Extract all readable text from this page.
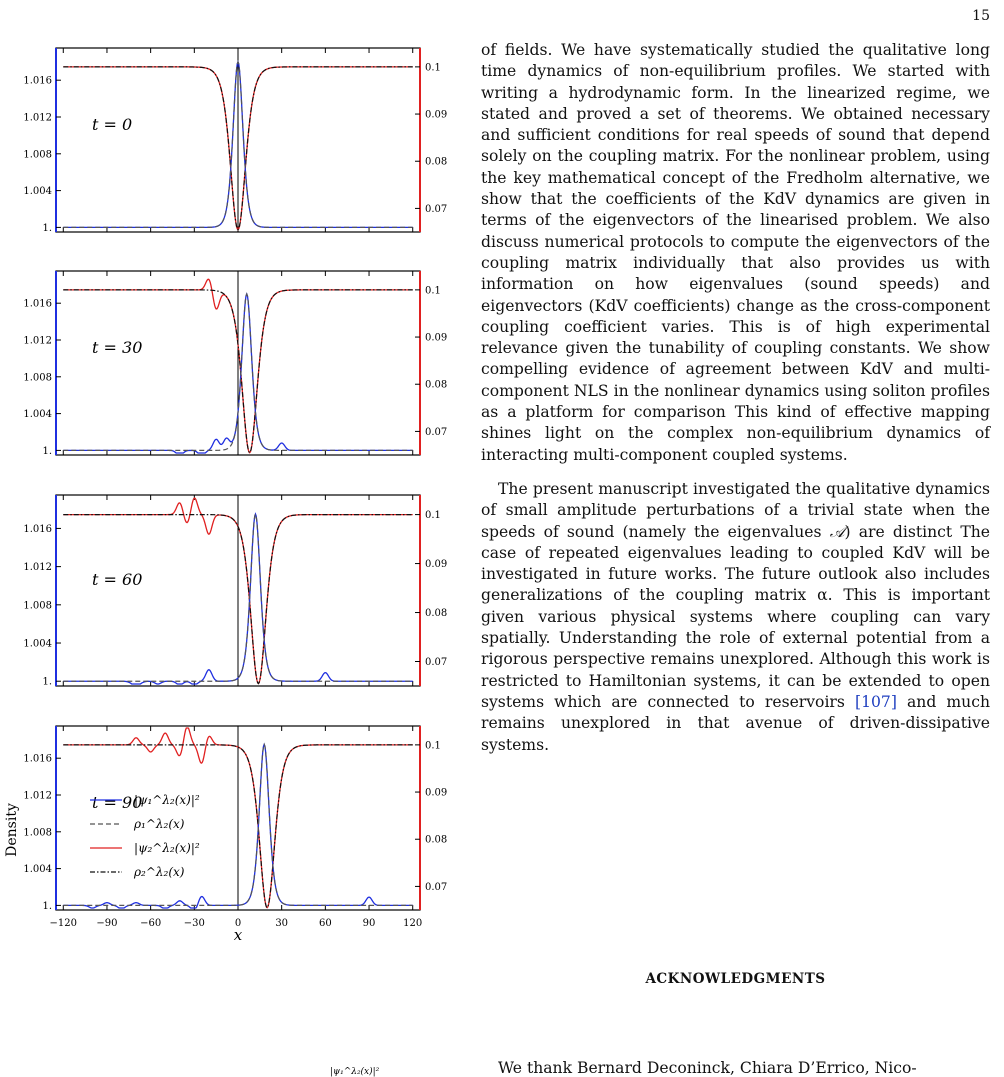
15
1.
1.004
1.008
1.012
1.016
0.07
0.08
0.09
0.1
t = 0
1.
1.004
1.008
1.012
1.016
0.07
0.08
0.09
0.1
t = 30
1.
1.004
1.008
1.012
1.016
0.07
0.08
0.09
0.1
t = 60
1.
1.004
1.008
1.012
1.016
0.07
0.08
0.09
0.1
t = 90
−120 −90 −60 −30	0	30	60	90	120
x
Density
|ψ₁^λ₂(x)|²
ρ₁^λ₂(x)
|ψ₂^λ₂(x)|²
ρ₂^λ₂(x)
|ψ₁^λ₂(x)|²

of fields. We have systematically studied the qualitative long time dynamics of non-equilibrium profiles. We started with writing a hydrodynamic form. In the linearized regime, we stated and proved a set of theorems. We obtained necessary and sufficient conditions for real speeds of sound that depend solely on the coupling matrix. For the nonlinear problem, using the key mathematical concept of the Fredholm alternative, we show that the coefficients of the KdV dynamics are given in terms of the eigenvectors of the linearised problem. We also discuss numerical protocols to compute the eigenvectors of the coupling matrix individually that also provides us with information on how eigenvalues (sound speeds) and eigenvectors (KdV coefficients) change as the cross-component coupling coefficient varies. This is of high experimental relevance given the tunability of coupling constants. We show compelling evidence of agreement between KdV and multi-component NLS in the nonlinear dynamics using soliton profiles as a platform for comparison This kind of effective mapping shines light on the complex non-equilibrium dynamics of interacting multi-component coupled systems.

The present manuscript investigated the qualitative dynamics of small amplitude perturbations of a trivial state when the speeds of sound (namely the eigenvalues 𝒜) are distinct The case of repeated eigenvalues leading to coupled KdV will be investigated in future works. The future outlook also includes generalizations of the coupling matrix α. This is important given various physical systems where coupling can vary spatially. Understanding the role of external potential from a rigorous perspective remains unexplored. Although this work is restricted to Hamiltonian systems, it can be extended to open systems which are connected to reservoirs [107] and much remains unexplored in that avenue of driven-dissipative systems.

ACKNOWLEDGMENTS
We thank Bernard Deconinck, Chiara D’Errico, Nico-
